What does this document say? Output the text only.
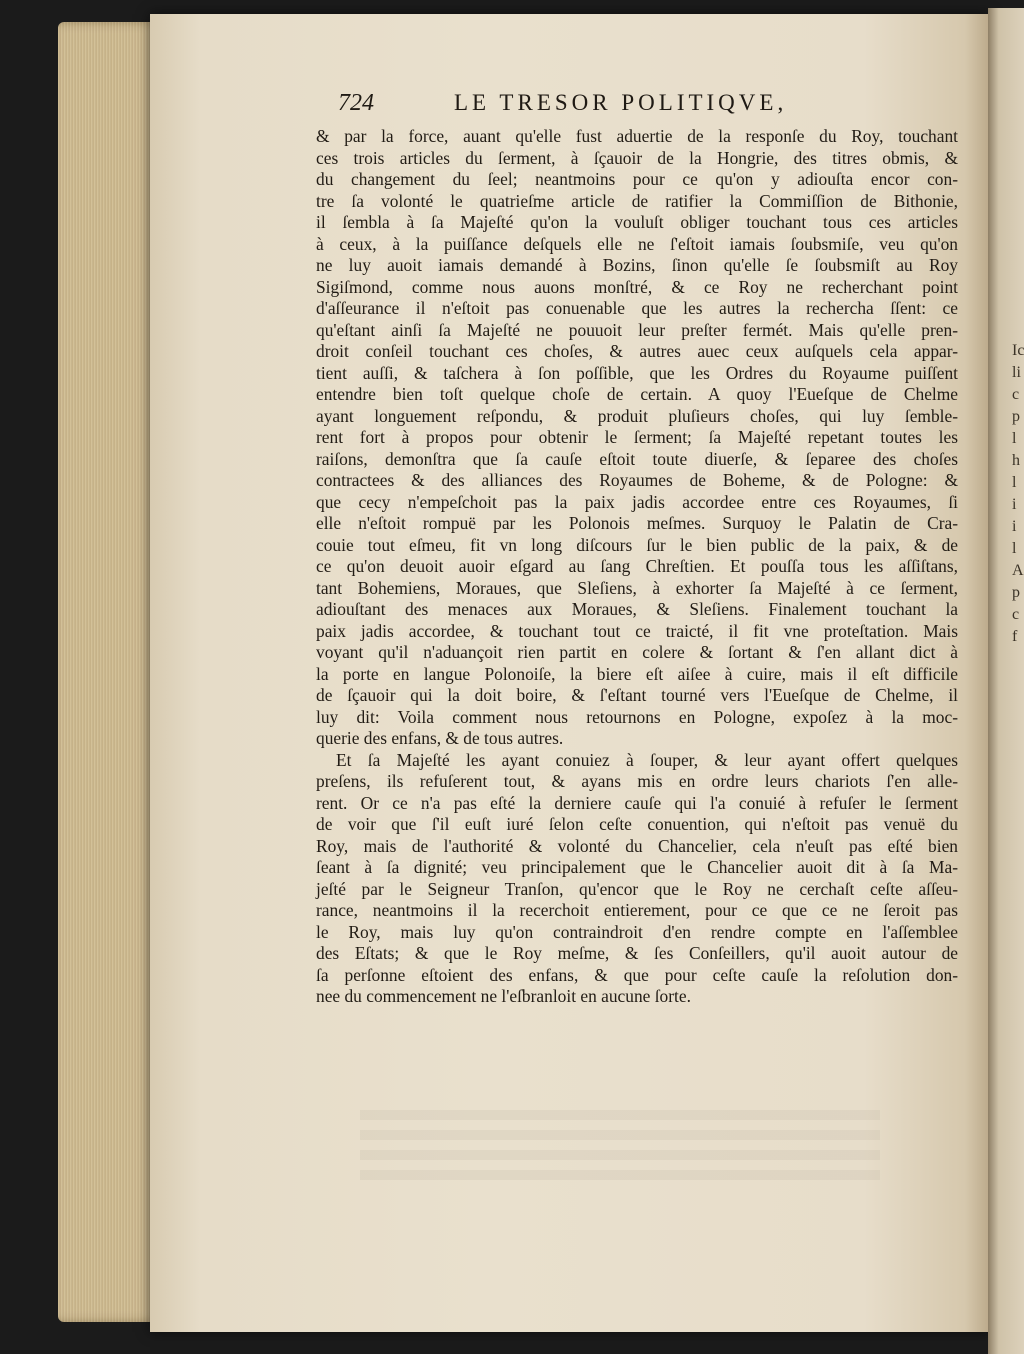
Ic li c p l h l i i l A p c f
724	LE TRESOR POLITIQVE,
& par la force, auant qu'elle fust aduertie de la responſe du Roy, touchant
ces trois articles du ſerment, à ſçauoir de la Hongrie, des titres obmis, &
du changement du ſeel; neantmoins pour ce qu'on y adiouſta encor con-
tre ſa volonté le quatrieſme article de ratifier la Commiſſion de Bithonie,
il ſembla à ſa Majeſté qu'on la vouluſt obliger touchant tous ces articles
à ceux, à la puiſſance deſquels elle ne ſ'eſtoit iamais ſoubsmiſe, veu qu'on
ne luy auoit iamais demandé à Bozins, ſinon qu'elle ſe ſoubsmiſt au Roy
Sigiſmond, comme nous auons monſtré, & ce Roy ne recherchant point
d'aſſeurance il n'eſtoit pas conuenable que les autres la rechercha ſſent: ce
qu'eſtant ainſi ſa Majeſté ne pouuoit leur preſter fermét. Mais qu'elle pren-
droit conſeil touchant ces choſes, & autres auec ceux auſquels cela appar-
tient auſſi, & taſchera à ſon poſſible, que les Ordres du Royaume puiſſent
entendre bien toſt quelque choſe de certain. A quoy l'Eueſque de Chelme
ayant longuement reſpondu, & produit pluſieurs choſes, qui luy ſemble-
rent fort à propos pour obtenir le ſerment; ſa Majeſté repetant toutes les
raiſons, demonſtra que ſa cauſe eſtoit toute diuerſe, & ſeparee des choſes
contractees & des alliances des Royaumes de Boheme, & de Pologne: &
que cecy n'empeſchoit pas la paix jadis accordee entre ces Royaumes, ſi
elle n'eſtoit rompuë par les Polonois meſmes. Surquoy le Palatin de Cra-
couie tout eſmeu, fit vn long diſcours ſur le bien public de la paix, & de
ce qu'on deuoit auoir eſgard au ſang Chreſtien. Et pouſſa tous les aſſiſtans,
tant Bohemiens, Moraues, que Sleſiens, à exhorter ſa Majeſté à ce ſerment,
adiouſtant des menaces aux Moraues, & Sleſiens. Finalement touchant la
paix jadis accordee, & touchant tout ce traicté, il fit vne proteſtation. Mais
voyant qu'il n'aduançoit rien partit en colere & ſortant & ſ'en allant dict à
la porte en langue Polonoiſe, la biere eſt aiſee à cuire, mais il eſt difficile
de ſçauoir qui la doit boire, & ſ'eſtant tourné vers l'Eueſque de Chelme, il
luy dit: Voila comment nous retournons en Pologne, expoſez à la moc-
querie des enfans, & de tous autres.
Et ſa Majeſté les ayant conuiez à ſouper, & leur ayant offert quelques
preſens, ils refuſerent tout, & ayans mis en ordre leurs chariots ſ'en alle-
rent. Or ce n'a pas eſté la derniere cauſe qui l'a conuié à refuſer le ſerment
de voir que ſ'il euſt iuré ſelon ceſte conuention, qui n'eſtoit pas venuë du
Roy, mais de l'authorité & volonté du Chancelier, cela n'euſt pas eſté bien
ſeant à ſa dignité; veu principalement que le Chancelier auoit dit à ſa Ma-
jeſté par le Seigneur Tranſon, qu'encor que le Roy ne cerchaſt ceſte aſſeu-
rance, neantmoins il la recerchoit entierement, pour ce que ce ne ſeroit pas
le Roy, mais luy qu'on contraindroit d'en rendre compte en l'aſſemblee
des Eſtats; & que le Roy meſme, & ſes Conſeillers, qu'il auoit autour de
ſa perſonne eſtoient des enfans, & que pour ceſte cauſe la reſolution don-
nee du commencement ne l'eſbranloit en aucune ſorte.
